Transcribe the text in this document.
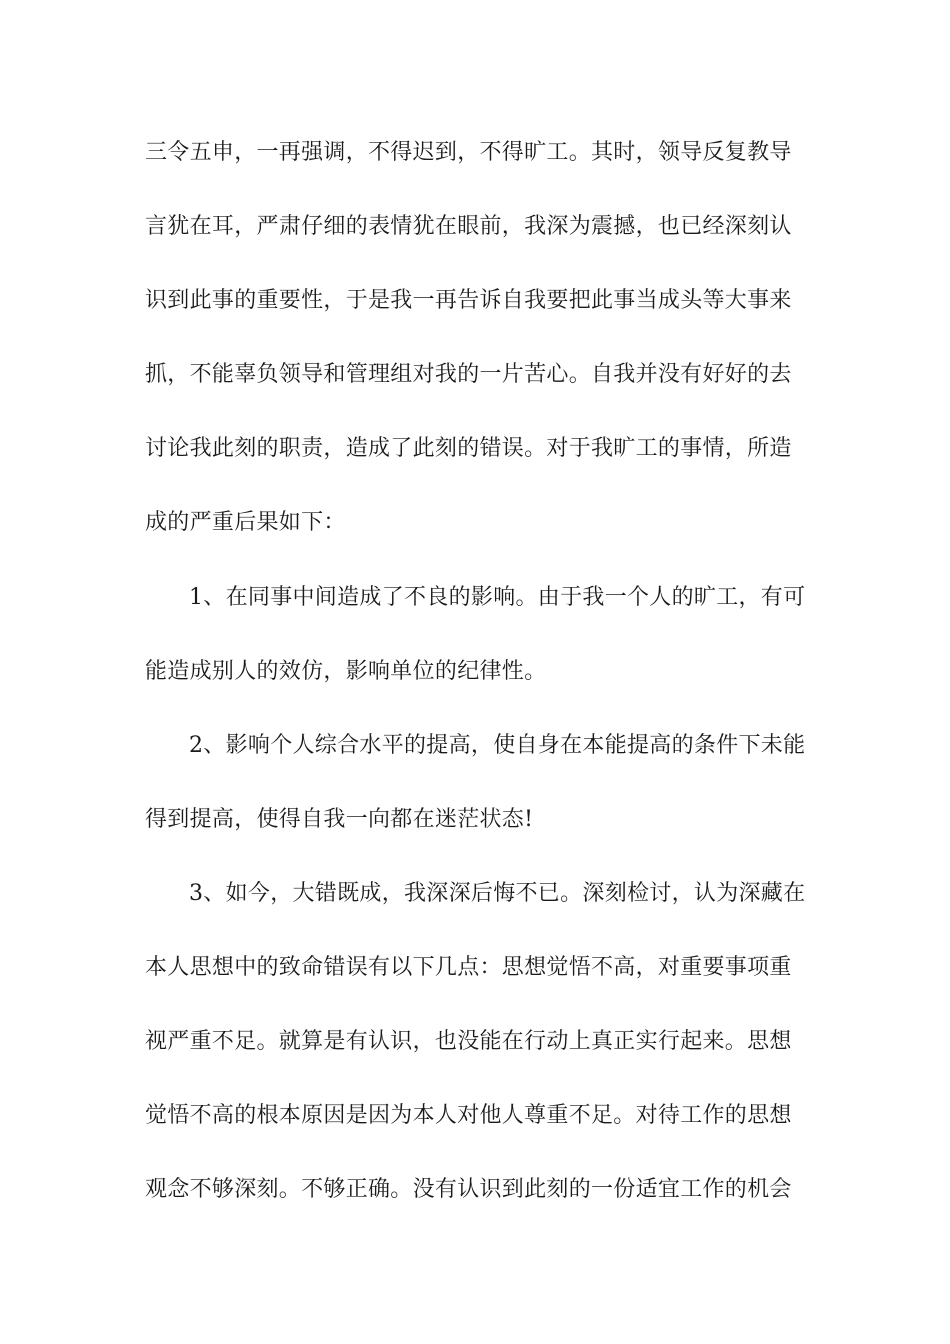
三令五申，一再强调，不得迟到，不得旷工。其时，领导反复教导
言犹在耳，严肃仔细的表情犹在眼前，我深为震撼，也已经深刻认
识到此事的重要性，于是我一再告诉自我要把此事当成头等大事来
抓，不能辜负领导和管理组对我的一片苦心。自我并没有好好的去
讨论我此刻的职责，造成了此刻的错误。对于我旷工的事情，所造
成的严重后果如下：
1、在同事中间造成了不良的影响。由于我一个人的旷工，有可
能造成别人的效仿，影响单位的纪律性。
2、影响个人综合水平的提高，使自身在本能提高的条件下未能
得到提高，使得自我一向都在迷茫状态!
3、如今，大错既成，我深深后悔不已。深刻检讨，认为深藏在
本人思想中的致命错误有以下几点：思想觉悟不高，对重要事项重
视严重不足。就算是有认识，也没能在行动上真正实行起来。思想
觉悟不高的根本原因是因为本人对他人尊重不足。对待工作的思想
观念不够深刻。不够正确。没有认识到此刻的一份适宜工作的机会
